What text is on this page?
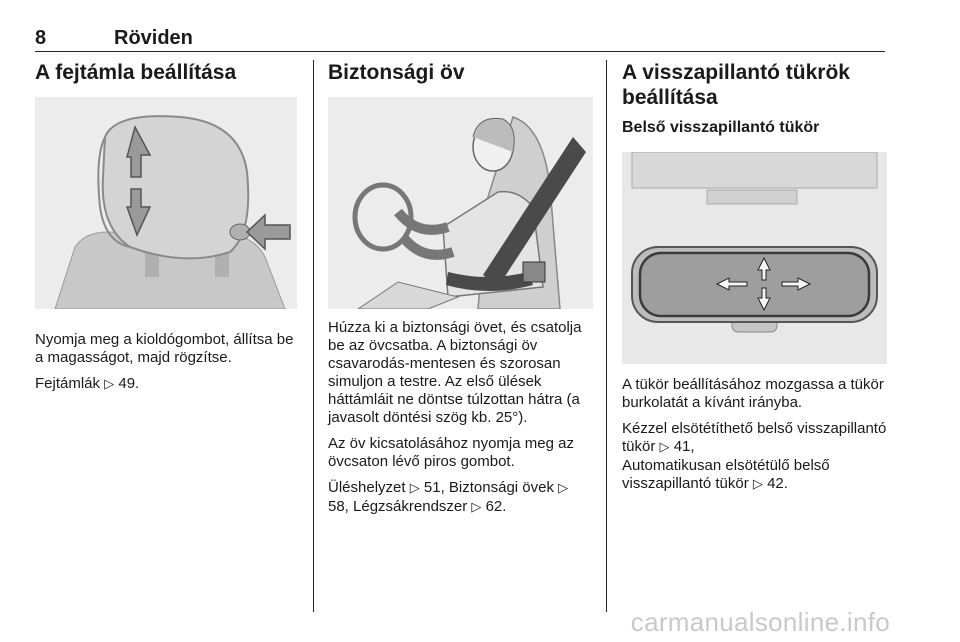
8	Röviden
A fejtámla beállítása

Nyomja meg a kioldógombot, állítsa be a magasságot, majd rögzítse.

Fejtámlák ▷ 49.

Biztonsági öv

Húzza ki a biztonsági övet, és csatolja be az övcsatba. A biztonsági öv csavarodás-mentesen és szorosan simuljon a testre. Az első ülések háttámláit ne döntse túlzottan hátra (a javasolt döntési szög kb. 25°).

Az öv kicsatolásához nyomja meg az övcsaton lévő piros gombot.

Üléshelyzet ▷ 51, Biztonsági övek ▷ 58, Légzsákrendszer ▷ 62.

A visszapillantó tükrök beállítása
Belső visszapillantó tükör

A tükör beállításához mozgassa a tükör burkolatát a kívánt irányba.

Kézzel elsötétíthető belső visszapillantó tükör ▷ 41,
Automatikusan elsötétülő belső visszapillantó tükör ▷ 42.

carmanualsonline.info
